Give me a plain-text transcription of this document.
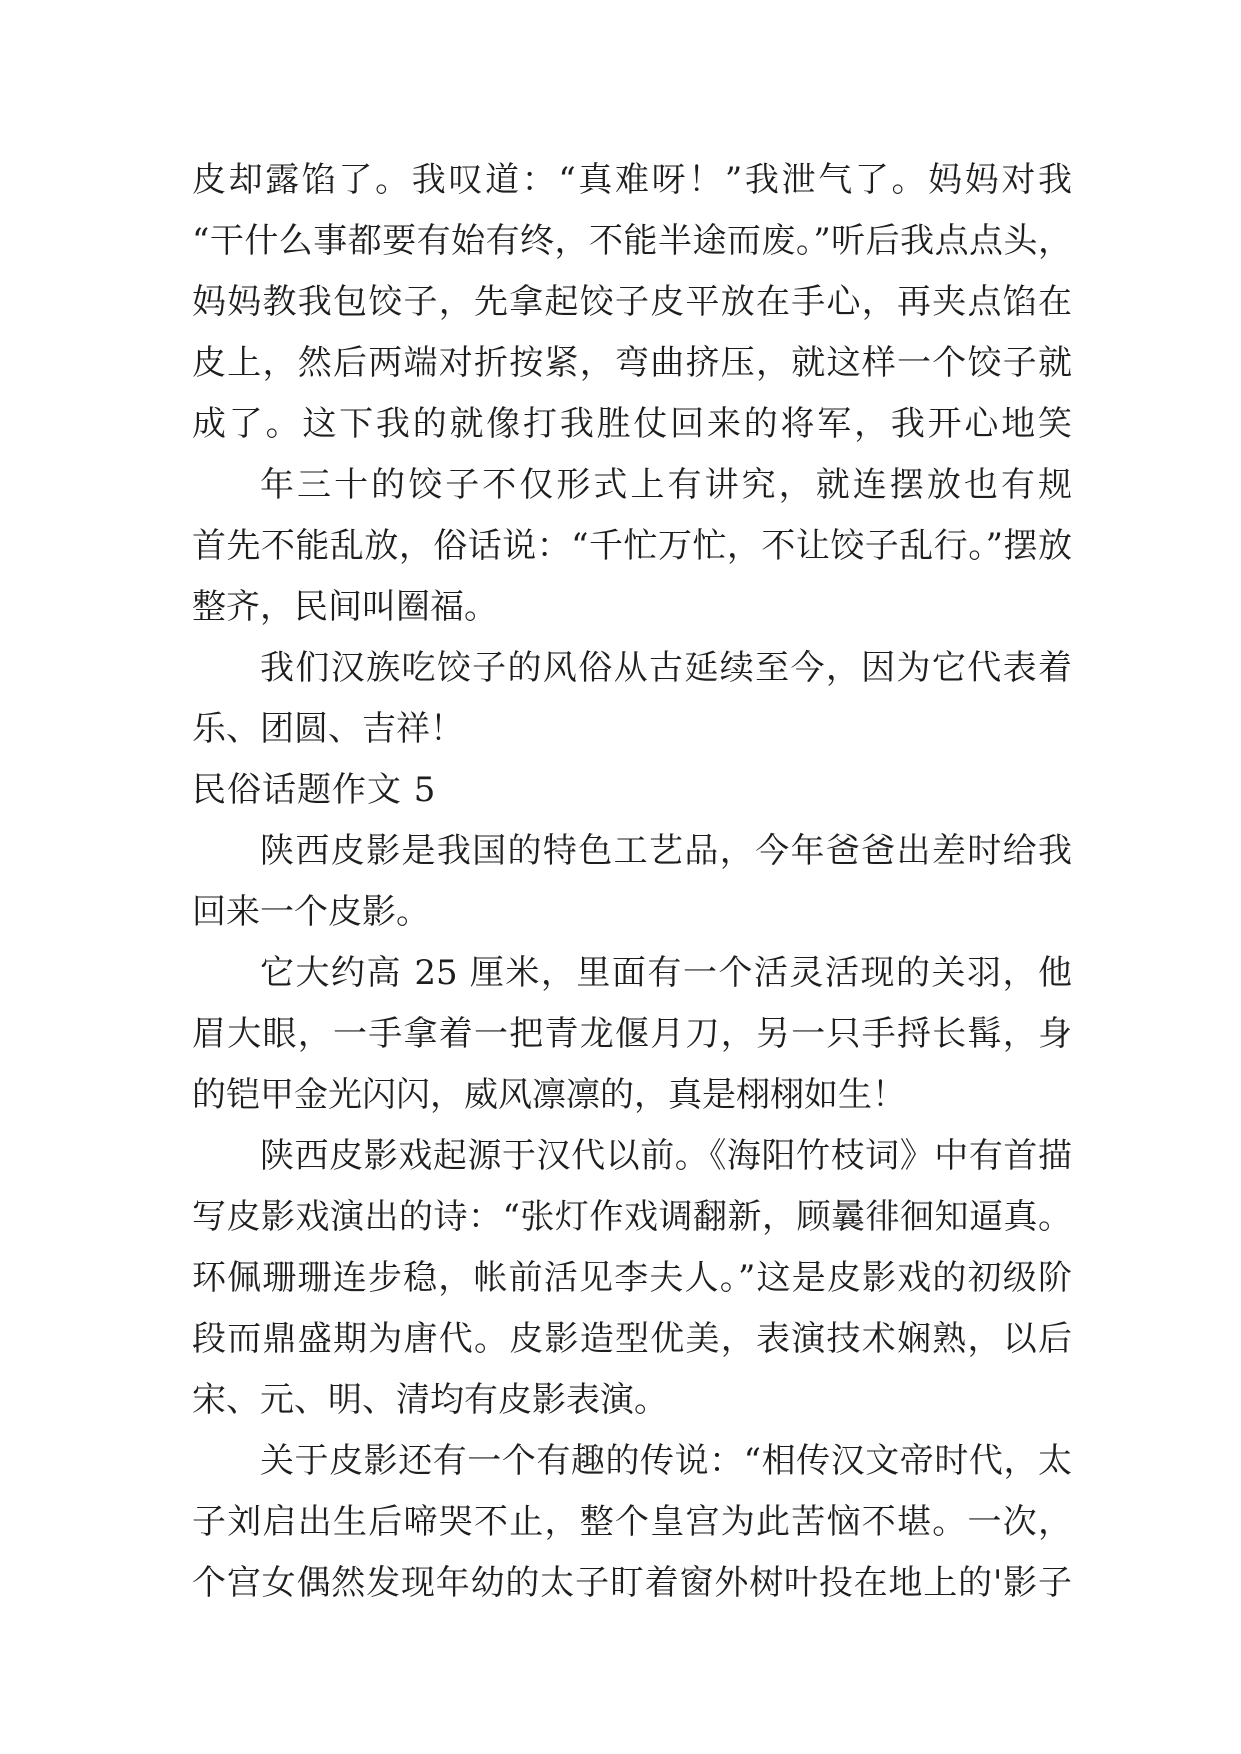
皮却露馅了。我叹道：“真难呀！”我泄气了。妈妈对我
“干什么事都要有始有终，不能半途而废。”听后我点点头，
妈妈教我包饺子，先拿起饺子皮平放在手心，再夹点馅在
皮上，然后两端对折按紧，弯曲挤压，就这样一个饺子就
成了。这下我的就像打我胜仗回来的将军，我开心地笑
年三十的饺子不仅形式上有讲究，就连摆放也有规
首先不能乱放，俗话说：“千忙万忙，不让饺子乱行。”摆放
整齐，民间叫圈福。
我们汉族吃饺子的风俗从古延续至今，因为它代表着
乐、团圆、吉祥！
民俗话题作文 5
陕西皮影是我国的特色工艺品，今年爸爸出差时给我
回来一个皮影。
它大约高 25 厘米，里面有一个活灵活现的关羽，他
眉大眼，一手拿着一把青龙偃月刀，另一只手捋长髯，身
的铠甲金光闪闪，威风凛凛的，真是栩栩如生！
陕西皮影戏起源于汉代以前。《海阳竹枝词》中有首描
写皮影戏演出的诗：“张灯作戏调翻新，顾曩徘徊知逼真。
环佩珊珊连步稳，帐前活见李夫人。”这是皮影戏的初级阶
段而鼎盛期为唐代。皮影造型优美，表演技术娴熟，以后
宋、元、明、清均有皮影表演。
关于皮影还有一个有趣的传说：“相传汉文帝时代，太
子刘启出生后啼哭不止，整个皇宫为此苦恼不堪。一次，
个宫女偶然发现年幼的太子盯着窗外树叶投在地上的'影子
